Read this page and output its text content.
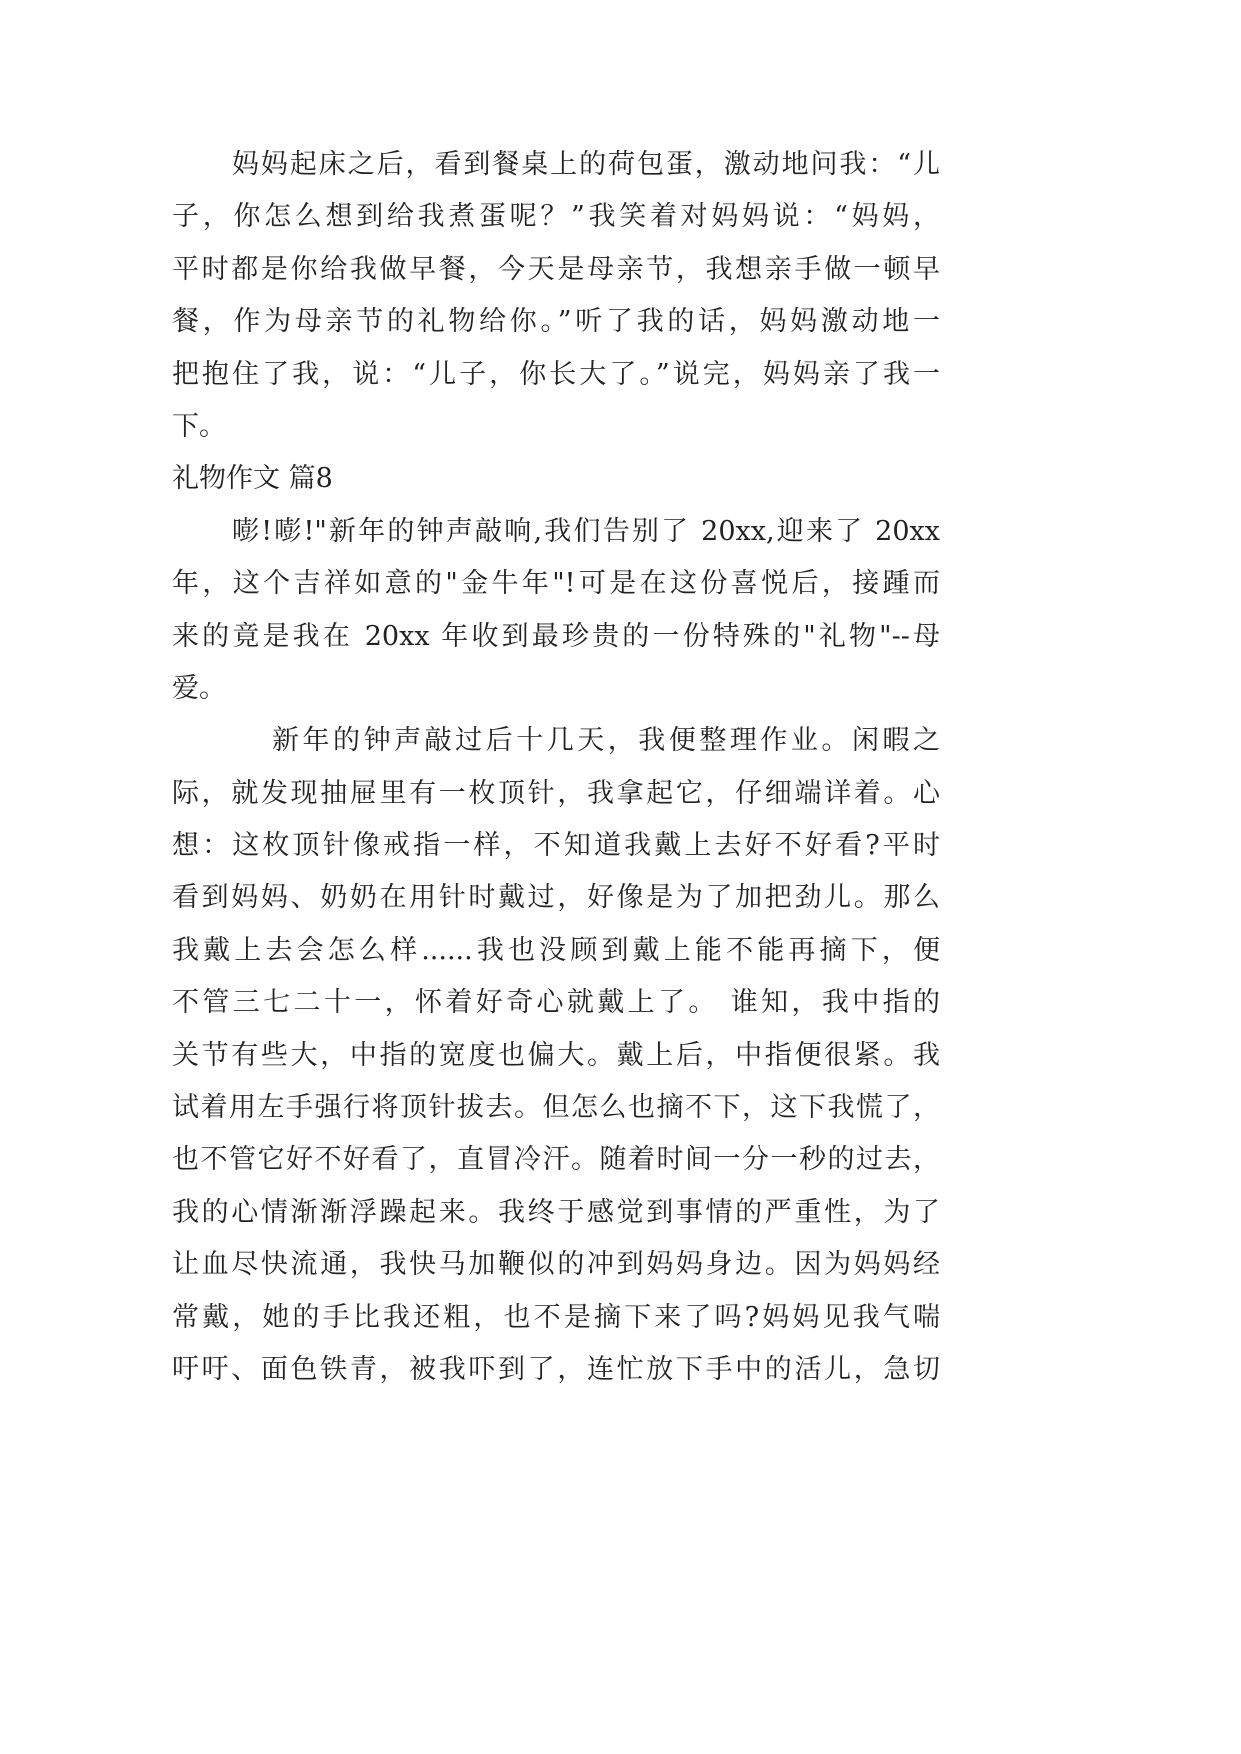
妈妈起床之后，看到餐桌上的荷包蛋，激动地问我：“儿
子，你怎么想到给我煮蛋呢？”我笑着对妈妈说：“妈妈，
平时都是你给我做早餐，今天是母亲节，我想亲手做一顿早
餐，作为母亲节的礼物给你。”听了我的话，妈妈激动地一
把抱住了我，说：“儿子，你长大了。”说完，妈妈亲了我一
下。
礼物作文 篇8
嘭!嘭!"新年的钟声敲响,我们告别了 20xx,迎来了 20xx
年，这个吉祥如意的"金牛年"!可是在这份喜悦后，接踵而
来的竟是我在 20xx 年收到最珍贵的一份特殊的"礼物"--母
爱。
新年的钟声敲过后十几天，我便整理作业。闲暇之
际，就发现抽屉里有一枚顶针，我拿起它，仔细端详着。心
想：这枚顶针像戒指一样，不知道我戴上去好不好看?平时
看到妈妈、奶奶在用针时戴过，好像是为了加把劲儿。那么
我戴上去会怎么样......我也没顾到戴上能不能再摘下，便
不管三七二十一，怀着好奇心就戴上了。 谁知，我中指的
关节有些大，中指的宽度也偏大。戴上后，中指便很紧。我
试着用左手强行将顶针拔去。但怎么也摘不下，这下我慌了，
也不管它好不好看了，直冒冷汗。随着时间一分一秒的过去，
我的心情渐渐浮躁起来。我终于感觉到事情的严重性，为了
让血尽快流通，我快马加鞭似的冲到妈妈身边。因为妈妈经
常戴，她的手比我还粗，也不是摘下来了吗?妈妈见我气喘
吁吁、面色铁青，被我吓到了，连忙放下手中的活儿，急切
